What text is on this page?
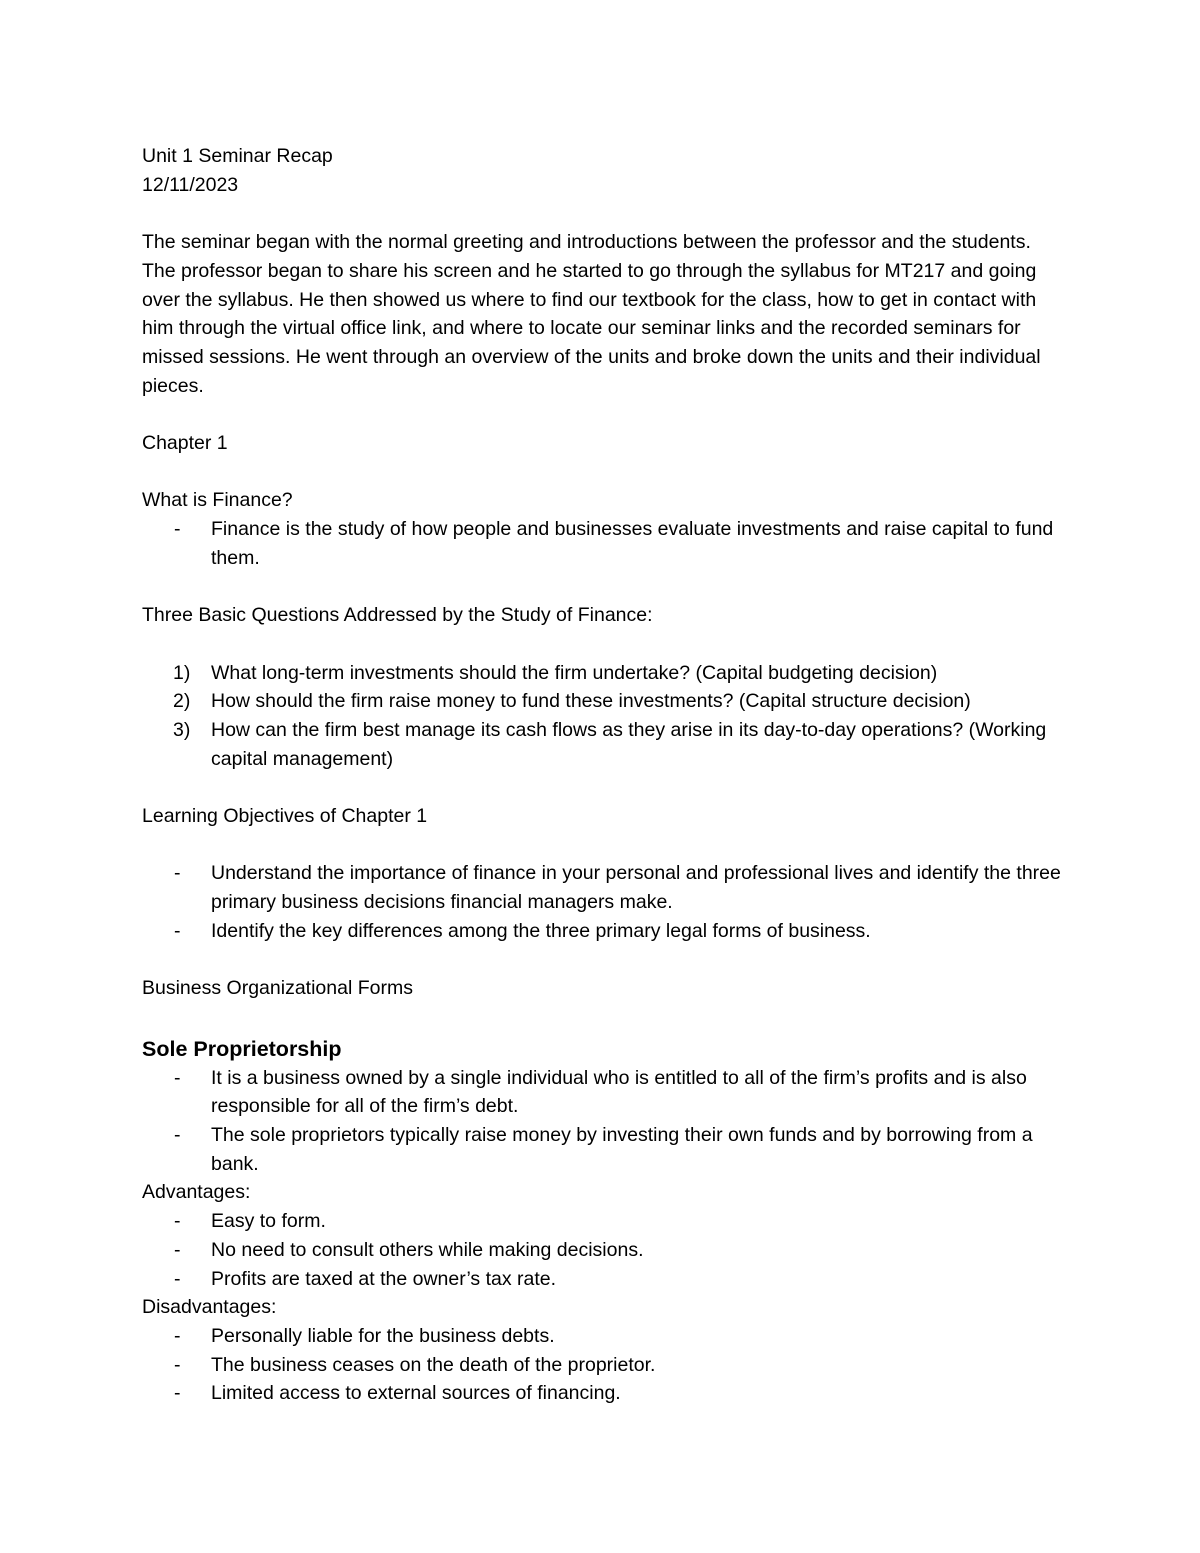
Unit 1 Seminar Recap

12/11/2023

The seminar began with the normal greeting and introductions between the professor and the students. The professor began to share his screen and he started to go through the syllabus for MT217 and going over the syllabus. He then showed us where to find our textbook for the class, how to get in contact with him through the virtual office link, and where to locate our seminar links and the recorded seminars for missed sessions. He went through an overview of the units and broke down the units and their individual pieces.

Chapter 1

What is Finance?

- Finance is the study of how people and businesses evaluate investments and raise capital to fund them.

Three Basic Questions Addressed by the Study of Finance:

1) What long-term investments should the firm undertake? (Capital budgeting decision)
2) How should the firm raise money to fund these investments? (Capital structure decision)
3) How can the firm best manage its cash flows as they arise in its day-to-day operations? (Working capital management)

Learning Objectives of Chapter 1

- Understand the importance of finance in your personal and professional lives and identify the three primary business decisions financial managers make.
- Identify the key differences among the three primary legal forms of business.

Business Organizational Forms

Sole Proprietorship

- It is a business owned by a single individual who is entitled to all of the firm’s profits and is also responsible for all of the firm’s debt.
- The sole proprietors typically raise money by investing their own funds and by borrowing from a bank.

Advantages:

- Easy to form.
- No need to consult others while making decisions.
- Profits are taxed at the owner’s tax rate.

Disadvantages:

- Personally liable for the business debts.
- The business ceases on the death of the proprietor.
- Limited access to external sources of financing.
